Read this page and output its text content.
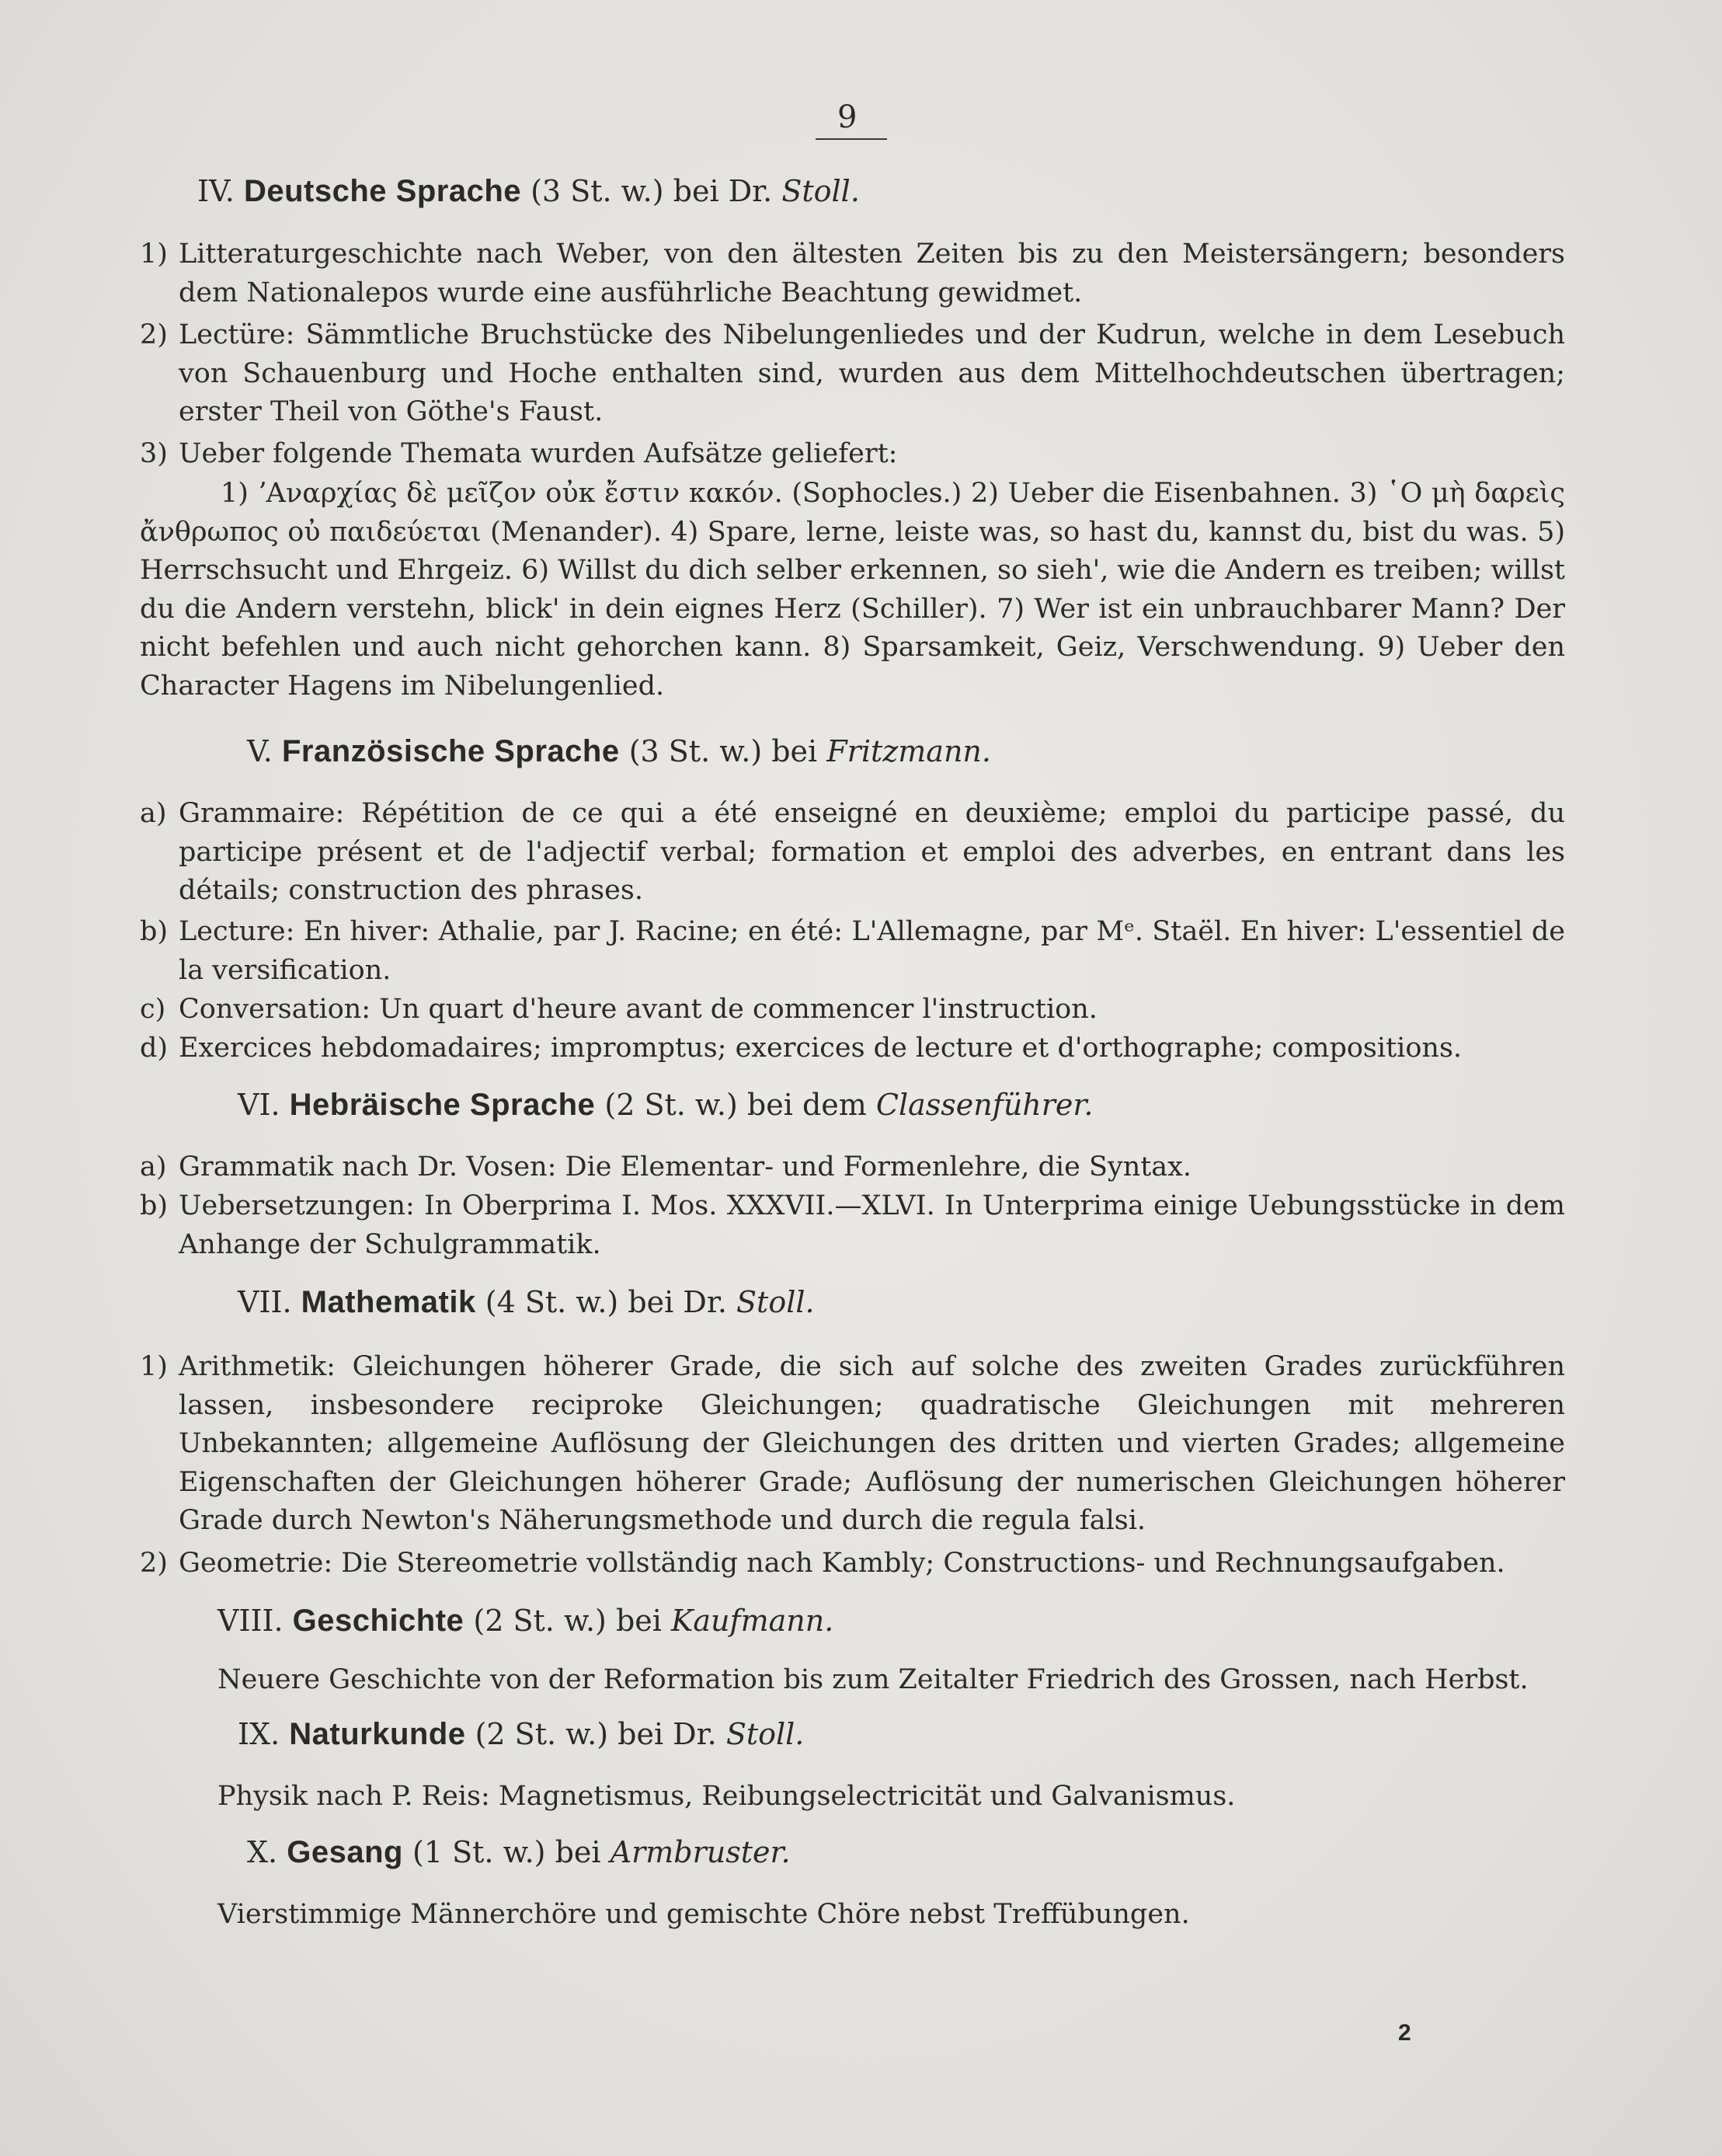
9
IV. Deutsche Sprache (3 St. w.) bei Dr. Stoll.
1) Litteraturgeschichte nach Weber, von den ältesten Zeiten bis zu den Meistersängern; besonders dem Nationalepos wurde eine ausführliche Beachtung gewidmet.
2) Lectüre: Sämmtliche Bruchstücke des Nibelungenliedes und der Kudrun, welche in dem Lesebuch von Schauenburg und Hoche enthalten sind, wurden aus dem Mittelhochdeutschen übertragen; erster Theil von Göthe's Faust.
3) Ueber folgende Themata wurden Aufsätze geliefert:
1) ʼΑναρχίας δὲ μεῖζον οὐκ ἔστιν κακόν. (Sophocles.) 2) Ueber die Eisenbahnen. 3) ῾Ο μὴ δαρεὶς ἄνθρωπος οὐ παιδεύεται (Menander). 4) Spare, lerne, leiste was, so hast du, kannst du, bist du was. 5) Herrschsucht und Ehrgeiz. 6) Willst du dich selber erkennen, so sieh', wie die Andern es treiben; willst du die Andern verstehn, blick' in dein eignes Herz (Schiller). 7) Wer ist ein unbrauchbarer Mann? Der nicht befehlen und auch nicht gehorchen kann. 8) Sparsamkeit, Geiz, Verschwendung. 9) Ueber den Character Hagens im Nibelungenlied.
V. Französische Sprache (3 St. w.) bei Fritzmann.
a) Grammaire: Répétition de ce qui a été enseigné en deuxième; emploi du participe passé, du participe présent et de l'adjectif verbal; formation et emploi des adverbes, en entrant dans les détails; construction des phrases.
b) Lecture: En hiver: Athalie, par J. Racine; en été: L'Allemagne, par Mᵉ. Staël. En hiver: L'essentiel de la versification.
c) Conversation: Un quart d'heure avant de commencer l'instruction.
d) Exercices hebdomadaires; impromptus; exercices de lecture et d'orthographe; compositions.
VI. Hebräische Sprache (2 St. w.) bei dem Classenführer.
a) Grammatik nach Dr. Vosen: Die Elementar- und Formenlehre, die Syntax.
b) Uebersetzungen: In Oberprima I. Mos. XXXVII.—XLVI. In Unterprima einige Uebungsstücke in dem Anhange der Schulgrammatik.
VII. Mathematik (4 St. w.) bei Dr. Stoll.
1) Arithmetik: Gleichungen höherer Grade, die sich auf solche des zweiten Grades zurückführen lassen, insbesondere reciproke Gleichungen; quadratische Gleichungen mit mehreren Unbekannten; allgemeine Auflösung der Gleichungen des dritten und vierten Grades; allgemeine Eigenschaften der Gleichungen höherer Grade; Auflösung der numerischen Gleichungen höherer Grade durch Newton's Näherungsmethode und durch die regula falsi.
2) Geometrie: Die Stereometrie vollständig nach Kambly; Constructions- und Rechnungsaufgaben.
VIII. Geschichte (2 St. w.) bei Kaufmann.
Neuere Geschichte von der Reformation bis zum Zeitalter Friedrich des Grossen, nach Herbst.
IX. Naturkunde (2 St. w.) bei Dr. Stoll.
Physik nach P. Reis: Magnetismus, Reibungselectricität und Galvanismus.
X. Gesang (1 St. w.) bei Armbruster.
Vierstimmige Männerchöre und gemischte Chöre nebst Treffübungen.
2
